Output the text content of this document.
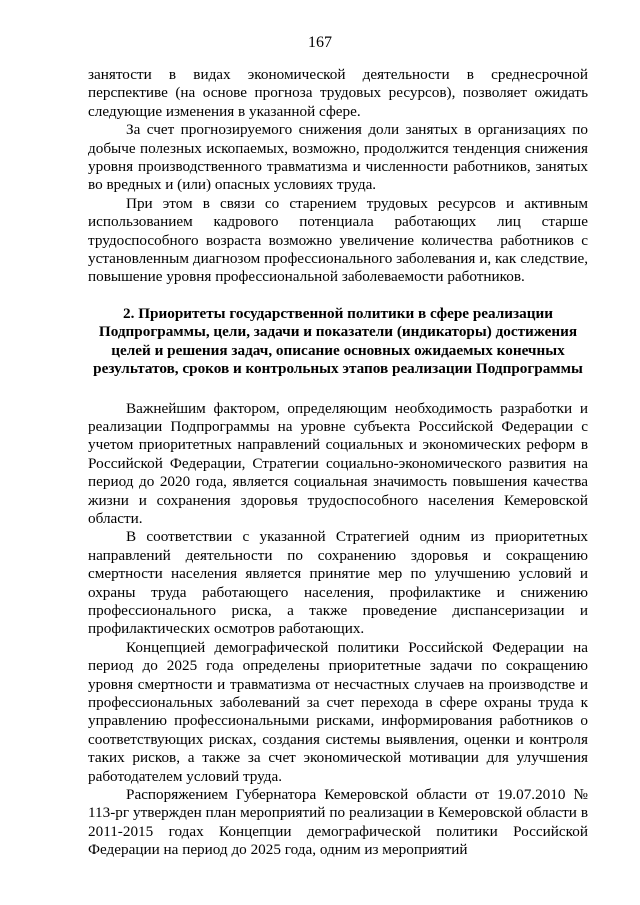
167

занятости в видах экономической деятельности в среднесрочной перспективе (на основе прогноза трудовых ресурсов), позволяет ожидать следующие изменения в указанной сфере.

За счет прогнозируемого снижения доли занятых в организациях по добыче полезных ископаемых, возможно, продолжится тенденция снижения уровня производственного травматизма и численности работников, занятых во вредных и (или) опасных условиях труда.

При этом в связи со старением трудовых ресурсов и активным использованием кадрового потенциала работающих лиц старше трудоспособного возраста возможно увеличение количества работников с установленным диагнозом профессионального заболевания и, как следствие, повышение уровня профессиональной заболеваемости работников.

2. Приоритеты государственной политики в сфере реализации Подпрограммы, цели, задачи и показатели (индикаторы) достижения целей и решения задач, описание основных ожидаемых конечных результатов, сроков и контрольных этапов реализации Подпрограммы

Важнейшим фактором, определяющим необходимость разработки и реализации Подпрограммы на уровне субъекта Российской Федерации с учетом приоритетных направлений социальных и экономических реформ в Российской Федерации, Стратегии социально-экономического развития на период до 2020 года, является социальная значимость повышения качества жизни и сохранения здоровья трудоспособного населения Кемеровской области.

В соответствии с указанной Стратегией одним из приоритетных направлений деятельности по сохранению здоровья и сокращению смертности населения является принятие мер по улучшению условий и охраны труда работающего населения, профилактике и снижению профессионального риска, а также проведение диспансеризации и профилактических осмотров работающих.

Концепцией демографической политики Российской Федерации на период до 2025 года определены приоритетные задачи по сокращению уровня смертности и травматизма от несчастных случаев на производстве и профессиональных заболеваний за счет перехода в сфере охраны труда к управлению профессиональными рисками, информирования работников о соответствующих рисках, создания системы выявления, оценки и контроля таких рисков, а также за счет экономической мотивации для улучшения работодателем условий труда.

Распоряжением Губернатора Кемеровской области от 19.07.2010 № 113-рг утвержден план мероприятий по реализации в Кемеровской области в 2011-2015 годах Концепции демографической политики Российской Федерации на период до 2025 года, одним из мероприятий
